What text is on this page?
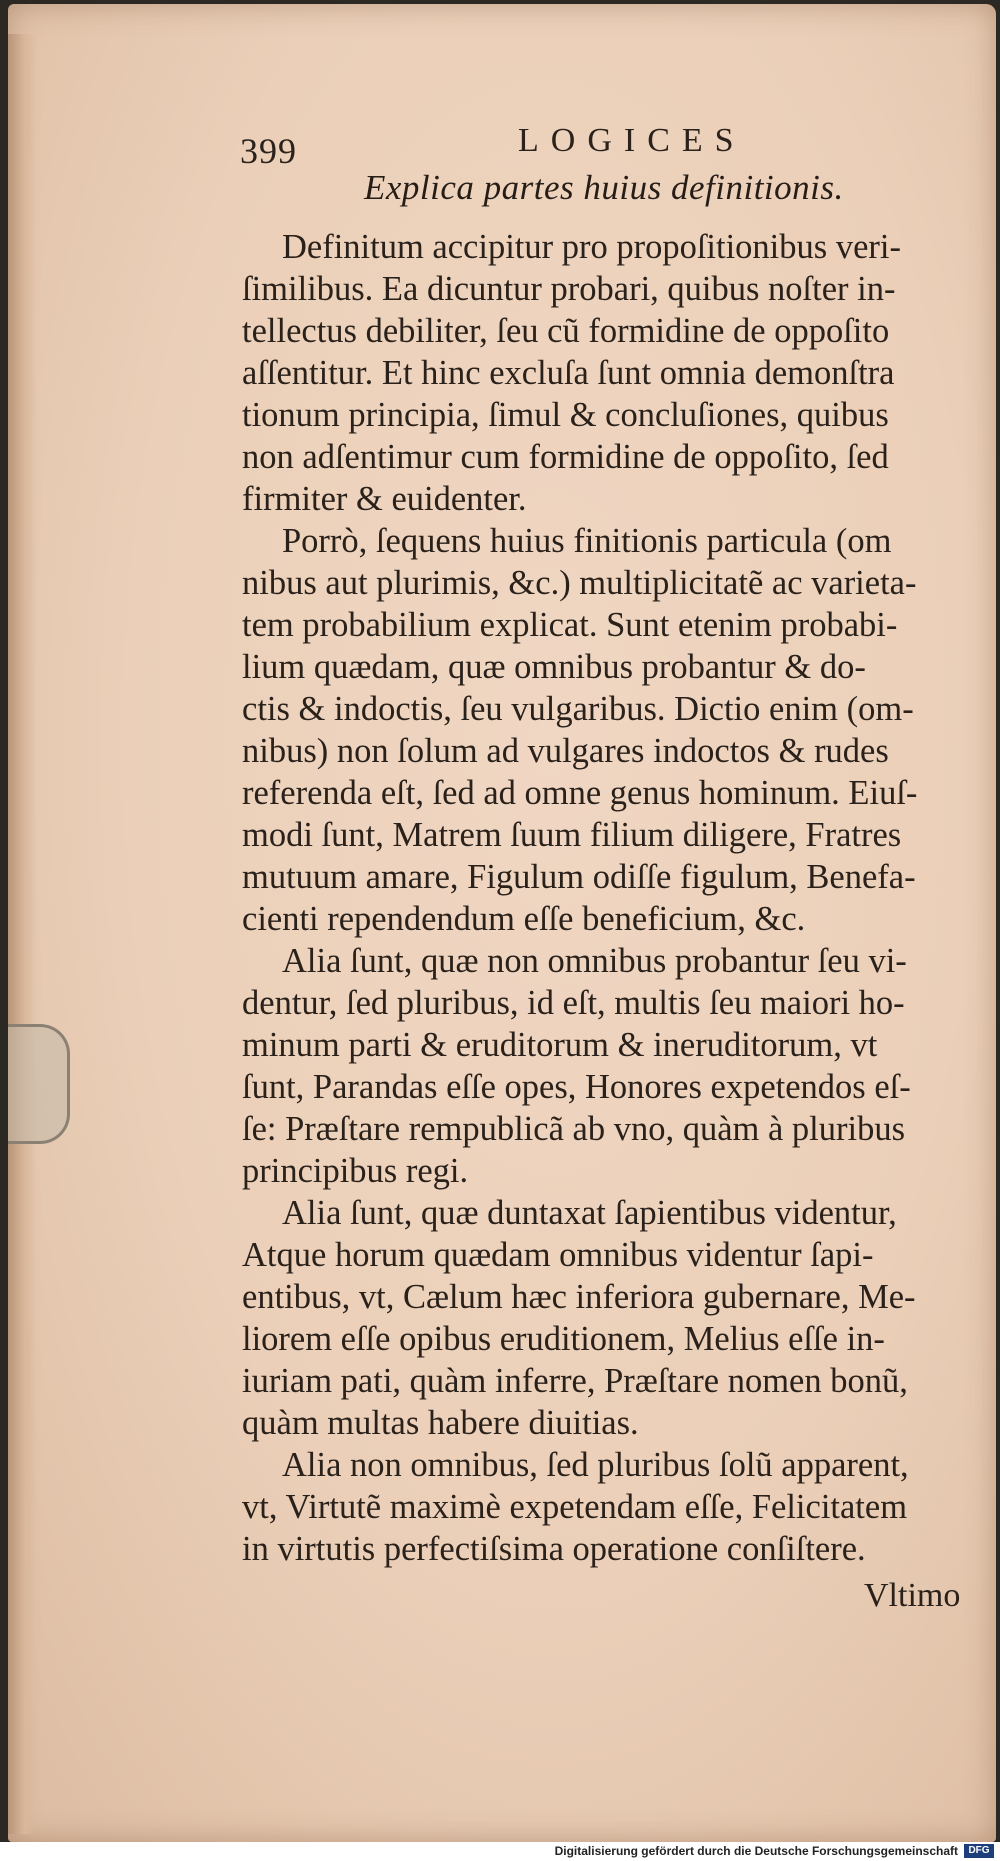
399	LOGICES
Explica partes huius definitionis.
Definitum accipitur pro propoſitionibus veri-
ſimilibus. Ea dicuntur probari, quibus noſter in-
tellectus debiliter, ſeu cũ formidine de oppoſito
aſſentitur. Et hinc excluſa ſunt omnia demonſtra
tionum principia, ſimul & concluſiones, quibus
non adſentimur cum formidine de oppoſito, ſed
firmiter & euidenter.
Porrò, ſequens huius finitionis particula (om
nibus aut plurimis, &c.) multiplicitatẽ ac varieta-
tem probabilium explicat. Sunt etenim probabi-
lium quædam, quæ omnibus probantur & do-
ctis & indoctis, ſeu vulgaribus. Dictio enim (om-
nibus) non ſolum ad vulgares indoctos & rudes
referenda eſt, ſed ad omne genus hominum. Eiuſ-
modi ſunt, Matrem ſuum filium diligere, Fratres
mutuum amare, Figulum odiſſe figulum, Benefa-
cienti rependendum eſſe beneficium, &c.
Alia ſunt, quæ non omnibus probantur ſeu vi-
dentur, ſed pluribus, id eſt, multis ſeu maiori ho-
minum parti & eruditorum & ineruditorum, vt
ſunt, Parandas eſſe opes, Honores expetendos eſ-
ſe: Præſtare rempublicã ab vno, quàm à pluribus
principibus regi.
Alia ſunt, quæ duntaxat ſapientibus videntur,
Atque horum quædam omnibus videntur ſapi-
entibus, vt, Cælum hæc inferiora gubernare, Me-
liorem eſſe opibus eruditionem, Melius eſſe in-
iuriam pati, quàm inferre, Præſtare nomen bonũ,
quàm multas habere diuitias.
Alia non omnibus, ſed pluribus ſolũ apparent,
vt, Virtutẽ maximè expetendam eſſe, Felicitatem
in virtutis perfectiſsima operatione conſiſtere.
Vltimo
Digitalisierung gefördert durch die Deutsche Forschungsgemeinschaft	DFG
